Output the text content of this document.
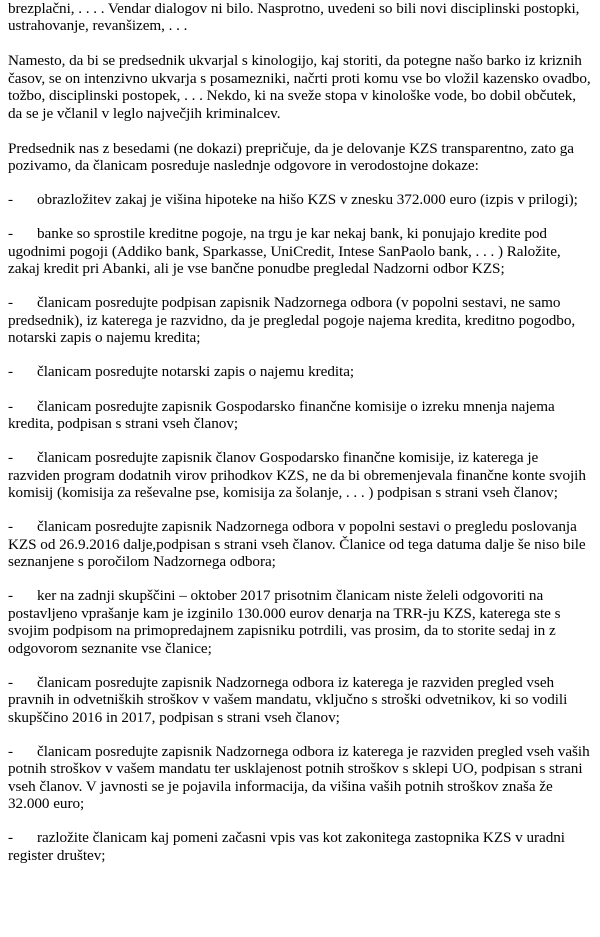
brezplačni, . . . . Vendar dialogov ni bilo. Nasprotno, uvedeni so bili novi disciplinski postopki, ustrahovanje, revanšizem, . . .

Namesto, da bi se predsednik ukvarjal s kinologijo, kaj storiti, da potegne našo barko iz kriznih časov, se on intenzivno ukvarja s posamezniki, načrti proti komu vse bo vložil kazensko ovadbo, tožbo, disciplinski postopek, . . . Nekdo, ki na sveže stopa v kinološke vode, bo dobil občutek, da se je včlanil v leglo največjih kriminalcev.

Predsednik nas z besedami (ne dokazi) prepričuje, da je delovanje KZS transparentno, zato ga pozivamo, da članicam posreduje naslednje odgovore in verodostojne dokaze:

- obrazložitev zakaj je višina hipoteke na hišo KZS v znesku 372.000 euro (izpis v prilogi);

- banke so sprostile kreditne pogoje, na trgu je kar nekaj bank, ki ponujajo kredite pod ugodnimi pogoji (Addiko bank, Sparkasse, UniCredit, Intese SanPaolo bank, . . . ) Raložite, zakaj kredit pri Abanki, ali je vse bančne ponudbe pregledal Nadzorni odbor KZS;

- članicam posredujte podpisan zapisnik Nadzornega odbora (v popolni sestavi, ne samo predsednik), iz katerega je razvidno, da je pregledal pogoje najema kredita, kreditno pogodbo, notarski zapis o najemu kredita;

- članicam posredujte notarski zapis o najemu kredita;

- članicam posredujte zapisnik Gospodarsko finančne komisije o izreku mnenja najema kredita, podpisan s strani vseh članov;

- članicam posredujte zapisnik članov Gospodarsko finančne komisije, iz katerega je razviden program dodatnih virov prihodkov KZS, ne da bi obremenjevala finančne konte svojih komisij (komisija za reševalne pse, komisija za šolanje, . . . ) podpisan s strani vseh članov;

- članicam posredujte zapisnik Nadzornega odbora v popolni sestavi o pregledu poslovanja KZS od 26.9.2016 dalje,podpisan s strani vseh članov. Članice od tega datuma dalje še niso bile seznanjene s poročilom Nadzornega odbora;

- ker na zadnji skupščini – oktober 2017 prisotnim članicam niste želeli odgovoriti na postavljeno vprašanje kam je izginilo 130.000 eurov denarja na TRR-ju KZS, katerega ste s svojim podpisom na primopredajnem zapisniku potrdili, vas prosim, da to storite sedaj in z odgovorom seznanite vse članice;

- članicam posredujte zapisnik Nadzornega odbora iz katerega je razviden pregled vseh pravnih in odvetniških stroškov v vašem mandatu, vključno s stroški odvetnikov, ki so vodili skupščino 2016 in 2017, podpisan s strani vseh članov;

- članicam posredujte zapisnik Nadzornega odbora iz katerega je razviden pregled vseh vaših potnih stroškov v vašem mandatu ter usklajenost potnih stroškov s sklepi UO, podpisan s strani vseh članov. V javnosti se je pojavila informacija, da višina vaših potnih stroškov znaša že 32.000 euro;

- razložite članicam kaj pomeni začasni vpis vas kot zakonitega zastopnika KZS v uradni register društev;
